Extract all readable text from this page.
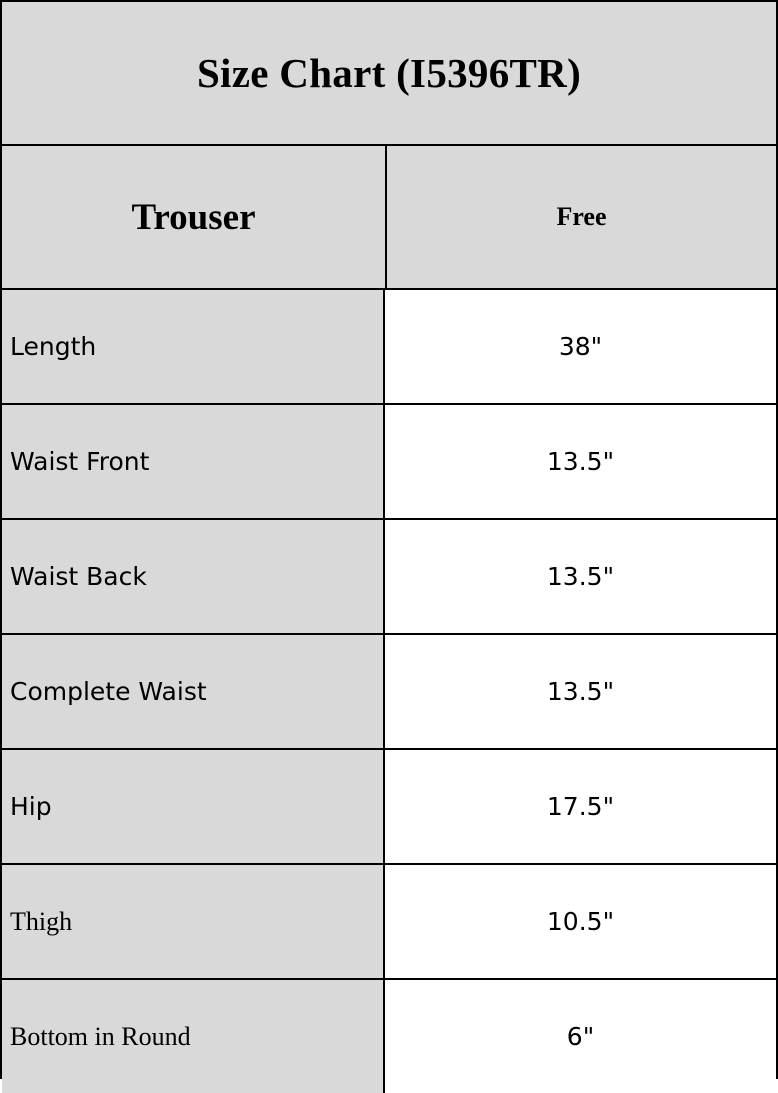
Size Chart (I5396TR)
Trouser	Free
Length	38"
Waist Front	13.5"
Waist Back	13.5"
Complete Waist	13.5"
Hip	17.5"
Thigh	10.5"
Bottom in Round	6"
